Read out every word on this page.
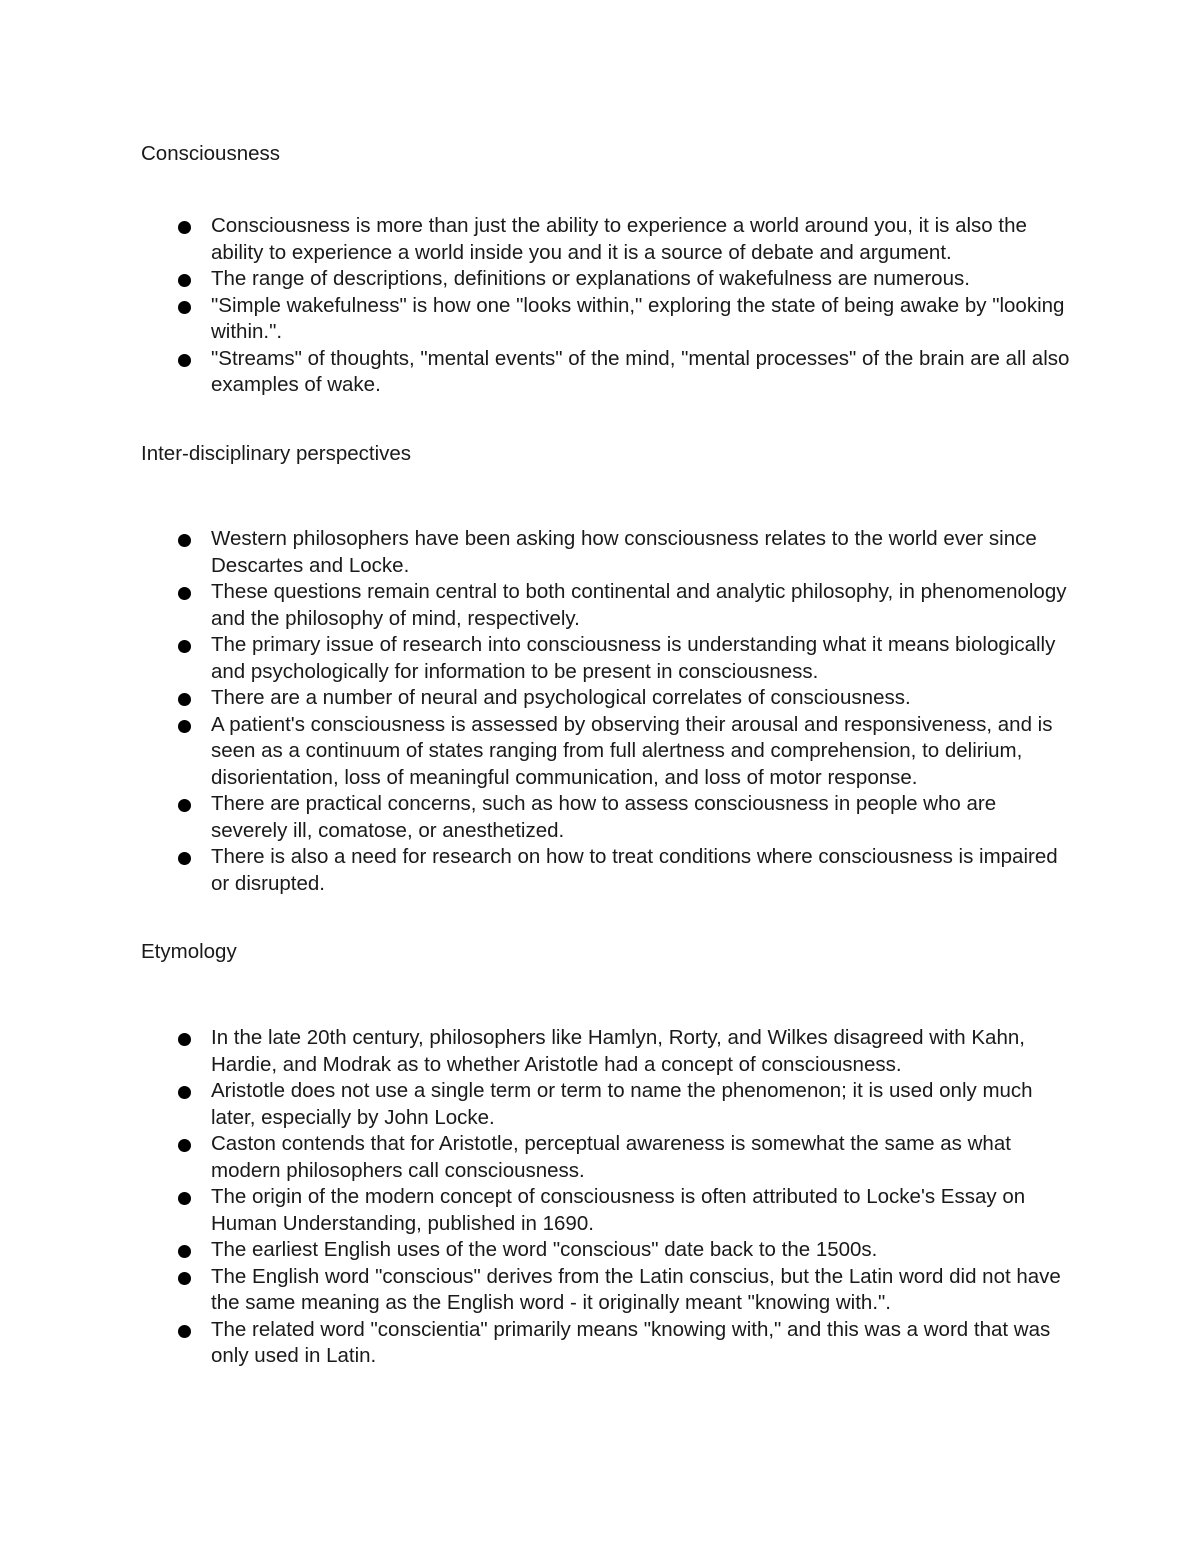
Consciousness
Consciousness is more than just the ability to experience a world around you, it is also the ability to experience a world inside you and it is a source of debate and argument.
The range of descriptions, definitions or explanations of wakefulness are numerous.
"Simple wakefulness" is how one "looks within," exploring the state of being awake by "looking within.".
"Streams" of thoughts, "mental events" of the mind, "mental processes" of the brain are all also examples of wake.
Inter-disciplinary perspectives
Western philosophers have been asking how consciousness relates to the world ever since Descartes and Locke.
These questions remain central to both continental and analytic philosophy, in phenomenology and the philosophy of mind, respectively.
The primary issue of research into consciousness is understanding what it means biologically and psychologically for information to be present in consciousness.
There are a number of neural and psychological correlates of consciousness.
A patient's consciousness is assessed by observing their arousal and responsiveness, and is seen as a continuum of states ranging from full alertness and comprehension, to delirium, disorientation, loss of meaningful communication, and loss of motor response.
There are practical concerns, such as how to assess consciousness in people who are severely ill, comatose, or anesthetized.
There is also a need for research on how to treat conditions where consciousness is impaired or disrupted.
Etymology
In the late 20th century, philosophers like Hamlyn, Rorty, and Wilkes disagreed with Kahn, Hardie, and Modrak as to whether Aristotle had a concept of consciousness.
Aristotle does not use a single term or term to name the phenomenon; it is used only much later, especially by John Locke.
Caston contends that for Aristotle, perceptual awareness is somewhat the same as what modern philosophers call consciousness.
The origin of the modern concept of consciousness is often attributed to Locke's Essay on Human Understanding, published in 1690.
The earliest English uses of the word "conscious" date back to the 1500s.
The English word "conscious" derives from the Latin conscius, but the Latin word did not have the same meaning as the English word - it originally meant "knowing with.".
The related word "conscientia" primarily means "knowing with," and this was a word that was only used in Latin.
